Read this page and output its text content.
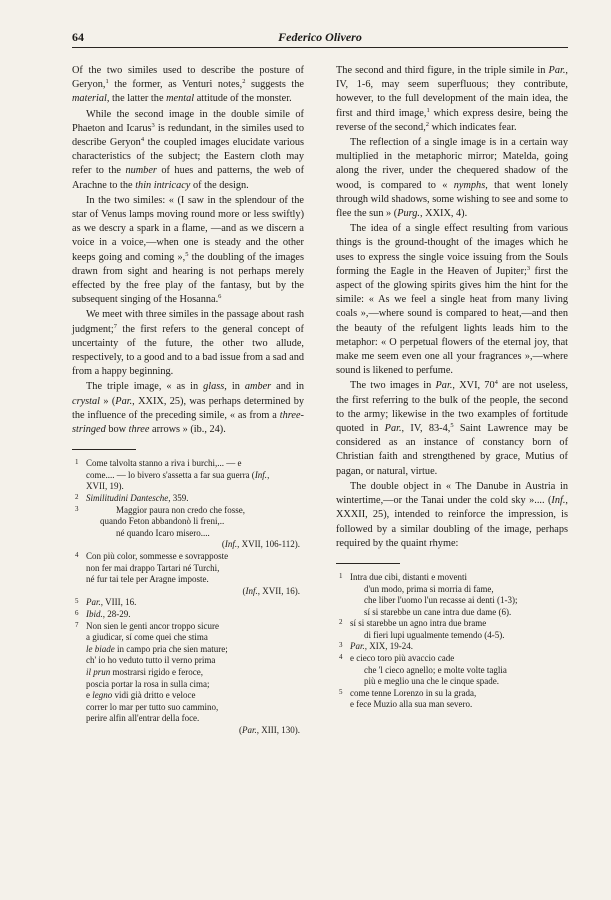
64	Federico Olivero

Of the two similes used to describe the posture of Geryon,$^1$ the former, as Venturi notes,$^2$ suggests the material, the latter the mental attitude of the monster.

While the second image in the double simile of Phaeton and Icarus$^3$ is redundant, in the similes used to describe Geryon$^4$ the coupled images elucidate various characteristics of the subject; the Eastern cloth may refer to the number of hues and patterns, the web of Arachne to the thin intricacy of the design.

In the two similes: « (I saw in the splendour of the star of Venus lamps moving round more or less swiftly) as we descry a spark in a flame, —and as we discern a voice in a voice,—when one is steady and the other keeps going and coming »,$^5$ the doubling of the images drawn from sight and hearing is not perhaps merely effected by the free play of the fantasy, but by the subsequent singing of the Hosanna.$^6$

We meet with three similes in the passage about rash judgment;$^7$ the first refers to the general concept of uncertainty of the future, the other two allude, respectively, to a good and to a bad issue from a sad and from a happy beginning.

The triple image, « as in glass, in amber and in crystal » (Par., XXIX, 25), was perhaps determined by the influence of the preceding simile, « as from a three-stringed bow three arrows » (ib., 24).

1 Come talvolta stanno a riva i burchi,... — e
come.... — lo bivero s'assetta a far sua guerra (Inf.,
XVII, 19).
2 Similitudini Dantesche, 359.
3	Maggior paura non credo che fosse,
quando Feton abbandonò li freni,..
né quando Icaro misero....
(Inf., XVII, 106-112).
4 Con più color, sommesse e sovrapposte
non fer mai drappo Tartari né Turchi,
né fur tai tele per Aragne imposte.
(Inf., XVII, 16).
5 Par., VIII, 16.
6 Ibid., 28-29.
7 Non sien le genti ancor troppo sicure
a giudicar, sí come quei che stima
le biade in campo pria che sien mature;
ch' io ho veduto tutto il verno prima
il prun mostrarsi rigido e feroce,
poscia portar la rosa in sulla cima;
e legno vidi già dritto e veloce
correr lo mar per tutto suo cammino,
perire alfin all'entrar della foce.
(Par., XIII, 130).

The second and third figure, in the triple simile in Par., IV, 1-6, may seem superfluous; they contribute, however, to the full development of the main idea, the first and third image,$^1$ which express desire, being the reverse of the second,$^2$ which indicates fear.

The reflection of a single image is in a certain way multiplied in the metaphoric mirror; Matelda, going along the river, under the chequered shadow of the wood, is compared to « nymphs, that went lonely through wild shadows, some wishing to see and some to flee the sun » (Purg., XXIX, 4).

The idea of a single effect resulting from various things is the ground-thought of the images which he uses to express the single voice issuing from the Souls forming the Eagle in the Heaven of Jupiter;$^3$ first the aspect of the glowing spirits gives him the hint for the simile: « As we feel a single heat from many living coals »,—where sound is compared to heat,—and then the beauty of the refulgent lights leads him to the metaphor: « O perpetual flowers of the eternal joy, that make me seem even one all your fragrances »,—where sound is likened to perfume.

The two images in Par., XVI, $70^4$ are not useless, the first referring to the bulk of the people, the second to the army; likewise in the two examples of fortitude quoted in Par., IV, 83-4,$^5$ Saint Lawrence may be considered as an instance of constancy born of Christian faith and strengthened by grace, Mutius of pagan, or natural, virtue.

The double object in « The Danube in Austria in wintertime,—or the Tanai under the cold sky ».... (Inf., XXXII, 25), intended to reinforce the impression, is followed by a similar doubling of the image, perhaps required by the quaint rhyme:

1 Intra due cibi, distanti e moventi
d'un modo, prima si morria di fame,
che liber l'uomo l'un recasse ai denti (1-3);
sí si starebbe un cane intra due dame (6).
2 sí si starebbe un agno intra due brame
di fieri lupi ugualmente temendo (4-5).
3 Par., XIX, 19-24.
4 e cieco toro più avaccio cade
che 'l cieco agnello; e molte volte taglia
più e meglio una che le cinque spade.
5 come tenne Lorenzo in su la grada,
e fece Muzio alla sua man severo.
